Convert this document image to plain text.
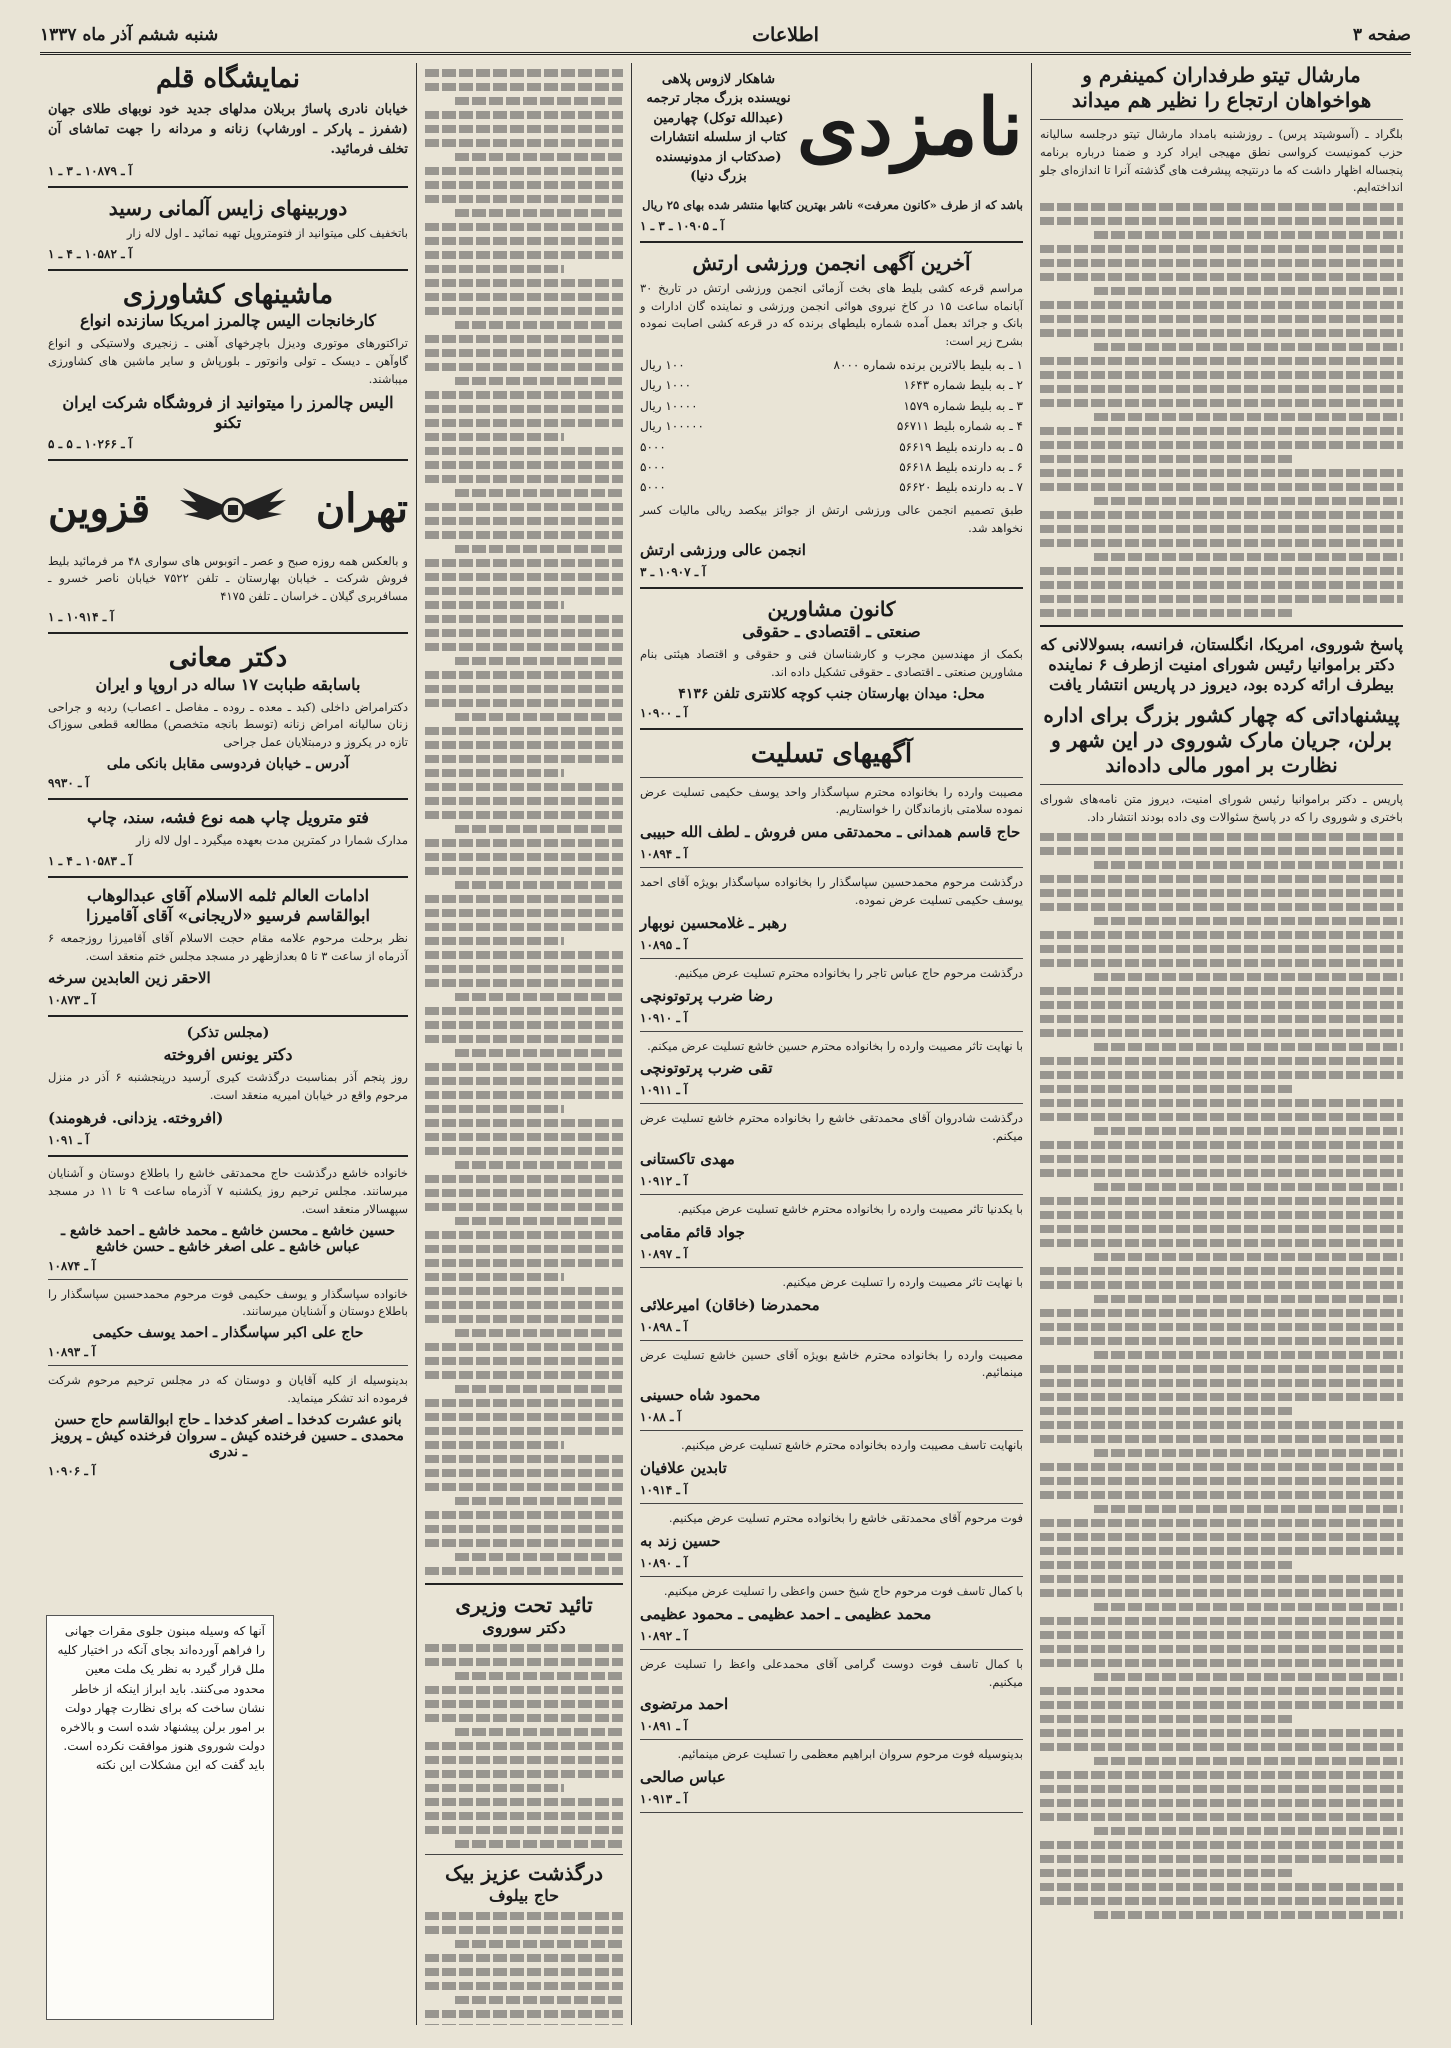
صفحه ۳
اطلاعات
شنبه ششم آذر ماه ۱۳۳۷
مارشال تیتو طرفداران کمینفرم و هواخواهان ارتجاع را نظیر هم میداند

بلگراد ـ (آسوشیتد پرس) ـ روزشنبه بامداد مارشال تیتو درجلسه سالیانه حزب کمونیست کرواسی نطق مهیجی ایراد کرد و ضمنا درباره برنامه پنجساله اظهار داشت که ما درنتیجه پیشرفت های گذشته آنرا تا اندازه‌ای جلو انداخته‌ایم.

پاسخ شوروی، امریکا، انگلستان، فرانسه، بسولالانی که دکتر براموانیا رئیس شورای امنیت ازطرف ۶ نماینده بیطرف ارائه کرده بود، دیروز در پاریس انتشار یافت
پیشنهاداتی که چهار کشور بزرگ برای اداره برلن، جریان مارک شوروی در این شهر و نظارت بر امور مالی داده‌اند

پاریس ـ دکتر براموانیا رئیس شورای امنیت، دیروز متن نامه‌های شورای باختری و شوروی را که در پاسخ سئوالات وی داده بودند انتشار داد.

نامزدی
شاهکار لازوس پلاهی نویسنده بزرگ مجار ترجمه (عبدالله توکل) چهارمین کتاب از سلسله انتشارات (صدکتاب از مدونیسنده بزرگ دنیا)

باشد که از طرف «کانون معرفت» ناشر بهترین کتابها منتشر شده بهای ۲۵ ریال

آ ـ ۱۰۹۰۵ ـ ۳ ـ ۱
آخرین آگهی انجمن ورزشی ارتش

مراسم قرعه کشی بلیط های بخت آزمائی انجمن ورزشی ارتش در تاریخ ۳۰ آبانماه ساعت ۱۵ در کاخ نیروی هوائی انجمن ورزشی و نماینده گان ادارات و بانک و جرائد بعمل آمده شماره بلیطهای برنده که در قرعه کشی اصابت نموده بشرح زیر است:

۱ ـ به بلیط بالاترین برنده شماره ۸۰۰۰
۱۰۰ ریال
۲ ـ به بلیط شماره ۱۶۴۳
۱۰۰۰ ریال
۳ ـ به بلیط شماره ۱۵۷۹
۱۰۰۰۰ ریال
۴ ـ به شماره بلیط ۵۶۷۱۱
۱۰۰۰۰۰ ریال
۵ ـ به دارنده بلیط ۵۶۶۱۹
۵۰۰۰
۶ ـ به دارنده بلیط ۵۶۶۱۸
۵۰۰۰
۷ ـ به دارنده بلیط ۵۶۶۲۰
۵۰۰۰

طبق تصمیم انجمن عالی ورزشی ارتش از جوائز بیکصد ریالی مالیات کسر نخواهد شد.

انجمن عالی ورزشی ارتش
آ ـ ۱۰۹۰۷ ـ ۳
کانون مشاورین
صنعتی ـ اقتصادی ـ حقوقی

بکمک از مهندسین مجرب و کارشناسان فنی و حقوقی و اقتصاد هیئتی بنام مشاورین صنعتی ـ اقتصادی ـ حقوقی تشکیل داده اند.

محل: میدان بهارستان جنب کوچه کلانتری تلفن ۴۱۳۶
آ ـ ۱۰۹۰۰
آگهیهای تسلیت

مصیبت وارده را بخانواده محترم سپاسگذار واحد یوسف حکیمی تسلیت عرض نموده سلامتی بازماندگان را خواستاریم.

حاج قاسم همدانی ـ محمدتقی مس فروش ـ لطف الله حبیبی
آ ـ ۱۰۸۹۴

درگذشت مرحوم محمدحسین سپاسگذار را بخانواده سپاسگذار بویژه آقای احمد یوسف حکیمی تسلیت عرض نموده.

رهبر ـ غلامحسین نوبهار
آ ـ ۱۰۸۹۵

درگذشت مرحوم حاج عباس تاجر را بخانواده محترم تسلیت عرض میکنیم.

رضا ضرب پرتوتونچی
آ ـ ۱۰۹۱۰

با نهایت تاثر مصیبت وارده را بخانواده محترم حسین خاشع تسلیت عرض میکنم.

تقی ضرب پرتوتونچی
آ ـ ۱۰۹۱۱

درگذشت شادروان آقای محمدتقی خاشع را بخانواده محترم خاشع تسلیت عرض میکنم.

مهدی تاکستانی
آ ـ ۱۰۹۱۲

با یکدنیا تاثر مصیبت وارده را بخانواده محترم خاشع تسلیت عرض میکنیم.

جواد قائم مقامی
آ ـ ۱۰۸۹۷

با نهایت تاثر مصیبت وارده را تسلیت عرض میکنیم.

محمدرضا (خاقان) امیرعلائی
آ ـ ۱۰۸۹۸

مصیبت وارده را بخانواده محترم خاشع بویژه آقای حسین خاشع تسلیت عرض مینمائیم.

محمود شاه حسینی
آ ـ ۱۰۸۸

بانهایت تاسف مصیبت وارده بخانواده محترم خاشع تسلیت عرض میکنیم.

تابدین علافیان
آ ـ ۱۰۹۱۴

فوت مرحوم آقای محمدتقی خاشع را بخانواده محترم تسلیت عرض میکنیم.

حسین زند به
آ ـ ۱۰۸۹۰

با کمال تاسف فوت مرحوم حاج شیخ حسن واعظی را تسلیت عرض میکنیم.

محمد عظیمی ـ احمد عظیمی ـ محمود عظیمی
آ ـ ۱۰۸۹۲

با کمال تاسف فوت دوست گرامی آقای محمدعلی واعظ را تسلیت عرض میکنیم.

احمد مرتضوی
آ ـ ۱۰۸۹۱

بدینوسیله فوت مرحوم سروان ابراهیم معظمی را تسلیت عرض مینمائیم.

عباس صالحی
آ ـ ۱۰۹۱۳
تائید تحت وزیری
دکتر سوروی
درگذشت عزیز بیک
حاج بیلوف
نمایشگاه قلم

خیابان نادری پاساژ بربلان مدلهای جدید خود نوبهای طلای جهان (شفرز ـ پارکر ـ اورشاپ) زنانه و مردانه را جهت تماشای آن تخلف فرمائید.

آ ـ ۱۰۸۷۹ ـ ۳ ـ ۱
دوربینهای زایس آلمانی رسید

باتخفیف کلی میتوانید از فتومتروپل تهیه نمائید ـ اول لاله زار

آ ـ ۱۰۵۸۲ ـ ۴ ـ ۱
ماشینهای کشاورزی
کارخانجات الیس چالمرز امریکا سازنده انواع

تراکتورهای موتوری ودیزل باچرخهای آهنی ـ زنجیری ولاستیکی و انواع گاوآهن ـ دیسک ـ تولی وانوتور ـ بلورپاش و سایر ماشین های کشاورزی میباشند.

الیس چالمرز را میتوانید از فروشگاه شرکت ایران تکنو
آ ـ ۱۰۲۶۶ ـ ۵ ـ ۵
تهران
قزوین

و بالعکس همه روزه صبح و عصر ـ اتوبوس های سواری ۴۸ مر فرمائید بلیط فروش شرکت ـ خیابان بهارستان ـ تلفن ۷۵۲۲ خیابان ناصر خسرو ـ مسافربری گیلان ـ خراسان ـ تلفن ۴۱۷۵

آ ـ ۱۰۹۱۴ ـ ۱
دکتر معانی
باسابقه طبابت ۱۷ ساله در اروپا و ایران

دکترامراض داخلی (کبد ـ معده ـ روده ـ مفاصل ـ اعصاب) ردیه و جراحی زنان سالیانه امراض زنانه (توسط بانجه متخصص) مطالعه قطعی سوزاک تازه در یکروز و درمبتلایان عمل جراحی

آدرس ـ خیابان فردوسی مقابل بانکی ملی
آ ـ ۹۹۳۰
فتو مترویل چاپ همه نوع فشه، سند، چاپ

مدارک شمارا در کمترین مدت بعهده میگیرد ـ اول لاله زار

آ ـ ۱۰۵۸۳ ـ ۴ ـ ۱
ادامات العالم ثلمه الاسلام آقای عبدالوهاب
ابوالقاسم فرسیو «لاریجانی» آقای آقامیرزا

نظر برحلت مرحوم علامه مقام حجت الاسلام آقای آقامیرزا روزجمعه ۶ آذرماه از ساعت ۳ تا ۵ بعدازظهر در مسجد مجلس ختم منعقد است.

الاحقر زین العابدین سرخه
آ ـ ۱۰۸۷۳
(مجلس تذکر)
دکتر یونس افروخته

روز پنجم آذر بمناسبت درگذشت کیری آرسید درپنجشنبه ۶ آذر در منزل مرحوم واقع در خیابان امیریه منعقد است.

(افروخته. یزدانی. فرهومند)
آ ـ ۱۰۹۱

خانواده خاشع درگذشت حاج محمدتقی خاشع را باطلاع دوستان و آشنایان میرسانند. مجلس ترحیم روز یکشنبه ۷ آذرماه ساعت ۹ تا ۱۱ در مسجد سپهسالار منعقد است.

حسین خاشع ـ محسن خاشع ـ محمد خاشع ـ احمد خاشع ـ عباس خاشع ـ علی اصغر خاشع ـ حسن خاشع
آ ـ ۱۰۸۷۴

خانواده سپاسگذار و یوسف حکیمی فوت مرحوم محمدحسین سپاسگذار را باطلاع دوستان و آشنایان میرسانند.

حاج علی اکبر سپاسگذار ـ احمد یوسف حکیمی
آ ـ ۱۰۸۹۳

بدینوسیله از کلیه آقایان و دوستان که در مجلس ترحیم مرحوم شرکت فرموده اند تشکر مینماید.

بانو عشرت کدخدا ـ اصغر کدخدا ـ حاج ابوالقاسم حاج حسن محمدی ـ حسین فرخنده کیش ـ سروان فرخنده کیش ـ پرویز ـ ندری
آ ـ ۱۰۹۰۶
آنها که وسیله مبنون جلوی مقرات جهانی را فراهم آورده‌اند بجای آنکه در اختیار کلیه ملل قرار گیرد به نظر یک ملت معین محدود می‌کنند. باید ابراز اینکه از خاطر نشان ساخت که برای نظارت چهار دولت بر امور برلن پیشنهاد شده است و بالاخره دولت شوروی هنوز موافقت نکرده است. باید گفت که این مشکلات این نکته
